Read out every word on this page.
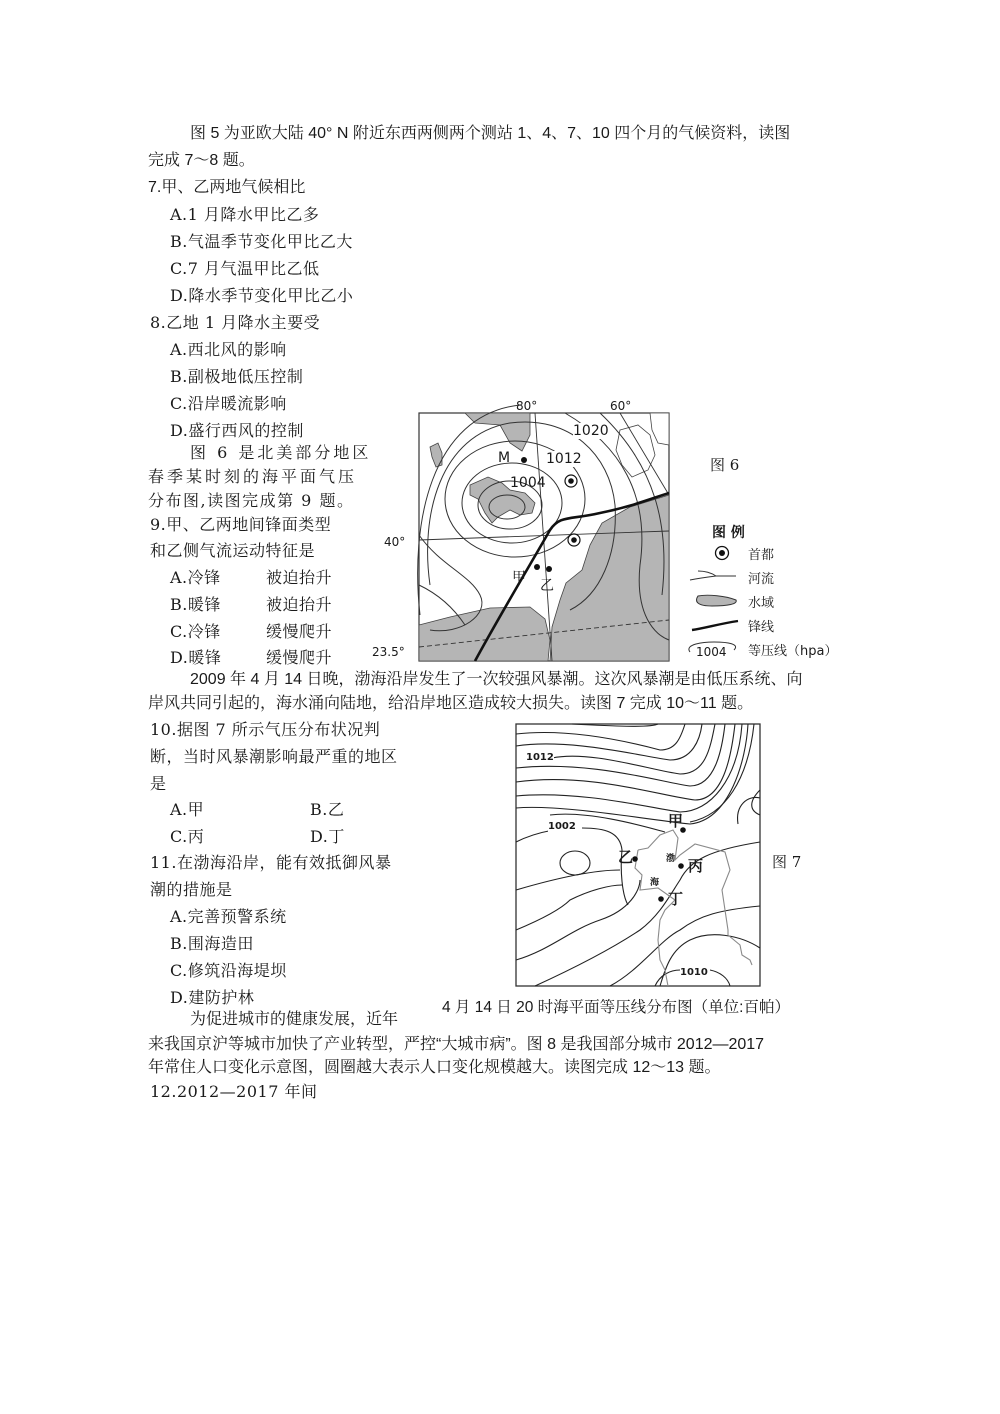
图 5 为亚欧大陆 40° N 附近东西两侧两个测站 1、4、7、10 四个月的气候资料，读图
完成 7～8 题。
7.甲、乙两地气候相比
A.1 月降水甲比乙多
B.气温季节变化甲比乙大
C.7 月气温甲比乙低
D.降水季节变化甲比乙小
8.乙地 1 月降水主要受
A.西北风的影响
B.副极地低压控制
C.沿岸暖流影响
D.盛行西风的控制
图 6 是北美部分地区
春季某时刻的海平面气压
分布图,读图完成第 9 题。
9.甲、乙两地间锋面类型
和乙侧气流运动特征是
A.冷锋	被迫抬升
B.暖锋	被迫抬升
C.冷锋	缓慢爬升
D.暖锋	缓慢爬升
80°	60°
40°
23.5°
1020
1012
1004
M
甲 乙
图 6
图 例
首都
河流
水域
锋线
1004 等压线（hpa）
2009 年 4 月 14 日晚，渤海沿岸发生了一次较强风暴潮。这次风暴潮是由低压系统、向
岸风共同引起的，海水涌向陆地，给沿岸地区造成较大损失。读图 7 完成 10～11 题。
10.据图 7 所示气压分布状况判
断，当时风暴潮影响最严重的地区
是
A.甲	B.乙
C.丙	D.丁
11.在渤海沿岸，能有效抵御风暴
潮的措施是
A.完善预警系统
B.围海造田
C.修筑沿海堤坝
D.建防护林
1012
1002
1010
甲
乙	丙
丁
渤
海
图 7
4 月 14 日 20 时海平面等压线分布图（单位:百帕）
为促进城市的健康发展，近年
来我国京沪等城市加快了产业转型，严控“大城市病”。图 8 是我国部分城市 2012—2017
年常住人口变化示意图，圆圈越大表示人口变化规模越大。读图完成 12～13 题。
12.2012—2017 年间
